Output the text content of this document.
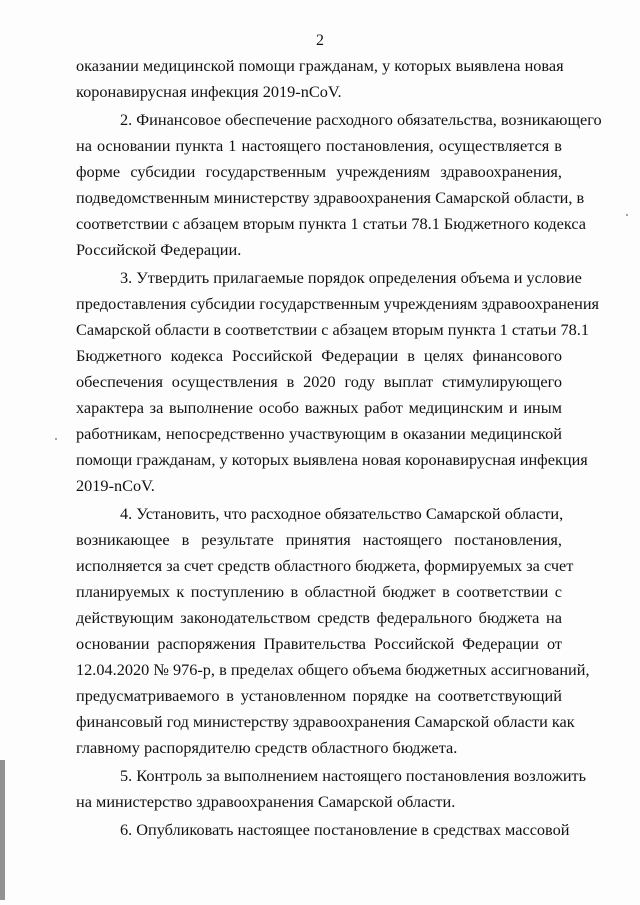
2
оказании медицинской помощи гражданам, у которых выявлена новая
коронавирусная инфекция 2019-nCoV.
2. Финансовое обеспечение расходного обязательства, возникающего
на основании пункта 1 настоящего постановления, осуществляется в
форме субсидии государственным учреждениям здравоохранения,
подведомственным министерству здравоохранения Самарской области, в
соответствии с абзацем вторым пункта 1 статьи 78.1 Бюджетного кодекса
Российской Федерации.
3. Утвердить прилагаемые порядок определения объема и условие
предоставления субсидии государственным учреждениям здравоохранения
Самарской области в соответствии с абзацем вторым пункта 1 статьи 78.1
Бюджетного кодекса Российской Федерации в целях финансового
обеспечения осуществления в 2020 году выплат стимулирующего
характера за выполнение особо важных работ медицинским и иным
работникам, непосредственно участвующим в оказании медицинской
помощи гражданам, у которых выявлена новая коронавирусная инфекция
2019-nCoV.
4. Установить, что расходное обязательство Самарской области,
возникающее в результате принятия настоящего постановления,
исполняется за счет средств областного бюджета, формируемых за счет
планируемых к поступлению в областной бюджет в соответствии с
действующим законодательством средств федерального бюджета на
основании распоряжения Правительства Российской Федерации от
12.04.2020 № 976-р, в пределах общего объема бюджетных ассигнований,
предусматриваемого в установленном порядке на соответствующий
финансовый год министерству здравоохранения Самарской области как
главному распорядителю средств областного бюджета.
5. Контроль за выполнением настоящего постановления возложить
на министерство здравоохранения Самарской области.
6. Опубликовать настоящее постановление в средствах массовой
